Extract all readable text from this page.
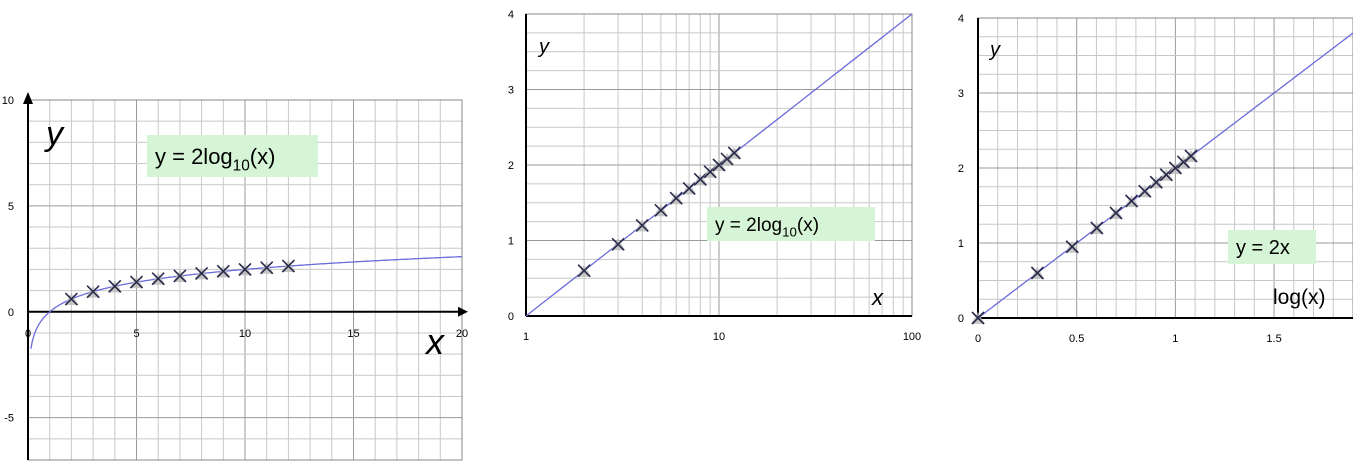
0	5	10	15	20
-5
0
5
10
$y = 2\log_{10}(x)$
x
y
1	10	100
0
1
2
3
4
$y = 2\log_{10}(x)$
x
y
0	0.5	1	1.5
0
1
2
3
4
y = 2x
log(x)
y
